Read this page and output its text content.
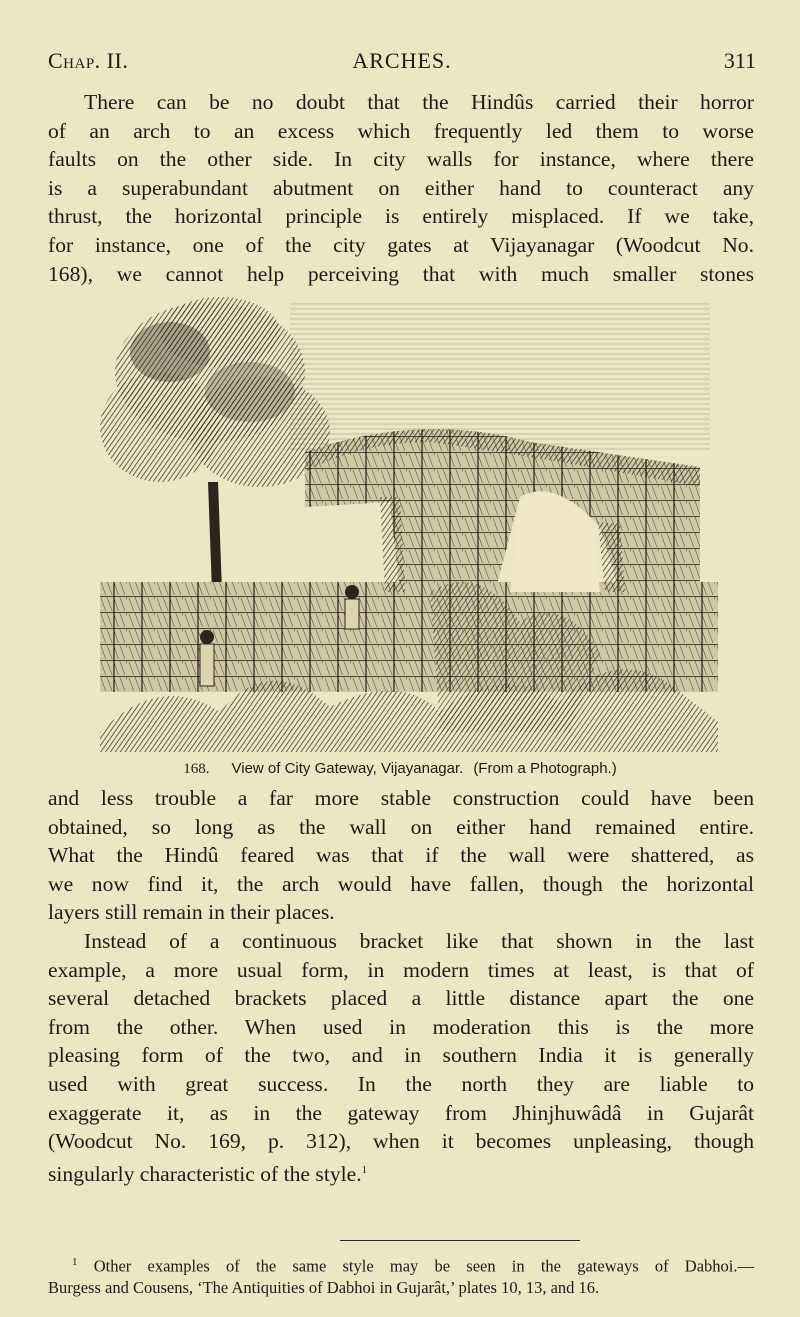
Chap. II.	ARCHES.	311
There can be no doubt that the Hindûs carried their horror
of an arch to an excess which frequently led them to worse
faults on the other side. In city walls for instance, where there
is a superabundant abutment on either hand to counteract any
thrust, the horizontal principle is entirely misplaced. If we take,
for instance, one of the city gates at Vijayanagar (Woodcut No.
168), we cannot help perceiving that with much smaller stones
168. View of City Gateway, Vijayanagar. (From a Photograph.)
and less trouble a far more stable construction could have been
obtained, so long as the wall on either hand remained entire.
What the Hindû feared was that if the wall were shattered, as
we now find it, the arch would have fallen, though the horizontal
layers still remain in their places.
Instead of a continuous bracket like that shown in the last
example, a more usual form, in modern times at least, is that of
several detached brackets placed a little distance apart the one
from the other. When used in moderation this is the more
pleasing form of the two, and in southern India it is generally
used with great success. In the north they are liable to
exaggerate it, as in the gateway from Jhinjhuwâdâ in Gujarât
(Woodcut No. 169, p. 312), when it becomes unpleasing, though
singularly characteristic of the style.$^1$
$^1$ Other examples of the same style may be seen in the gateways of Dabhoi.—
Burgess and Cousens, ‘The Antiquities of Dabhoi in Gujarât,’ plates 10, 13, and 16.
